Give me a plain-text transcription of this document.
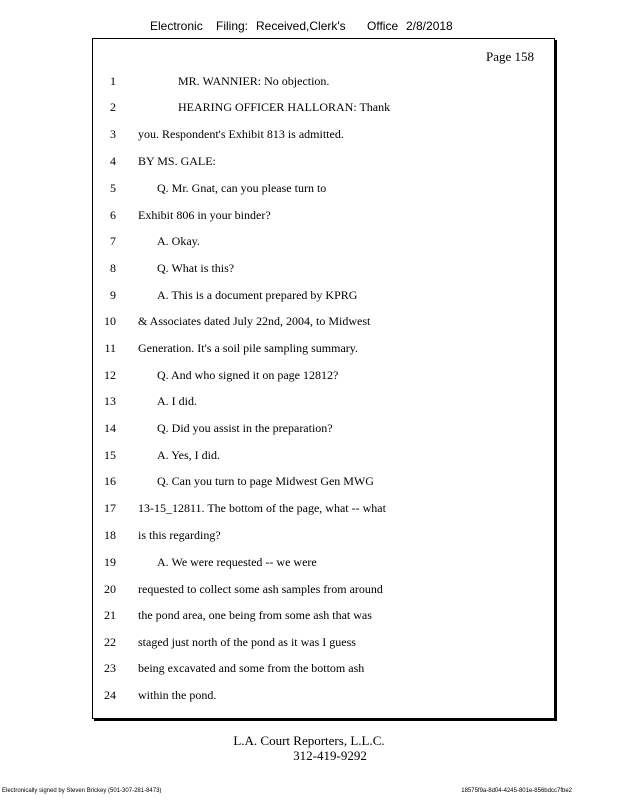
Electronic Filing: Received,Clerk's Office 2/8/2018
Page 158
1	MR. WANNIER: No objection.
2	HEARING OFFICER HALLORAN: Thank
3 you. Respondent's Exhibit 813 is admitted.
4 BY MS. GALE:
5	Q. Mr. Gnat, can you please turn to
6 Exhibit 806 in your binder?
7	A. Okay.
8	Q. What is this?
9	A. This is a document prepared by KPRG
10 & Associates dated July 22nd, 2004, to Midwest
11 Generation. It's a soil pile sampling summary.
12	Q. And who signed it on page 12812?
13	A. I did.
14	Q. Did you assist in the preparation?
15	A. Yes, I did.
16	Q. Can you turn to page Midwest Gen MWG
17 13-15_12811. The bottom of the page, what -- what
18 is this regarding?
19	A. We were requested -- we were
20 requested to collect some ash samples from around
21 the pond area, one being from some ash that was
22 staged just north of the pond as it was I guess
23 being excavated and some from the bottom ash
24 within the pond.
L.A. Court Reporters, L.L.C.
312-419-9292
Electronically signed by Steven Brickey (501-307-281-8473)	18575f9a-8d04-4245-801e-856bdcc7fbe2
